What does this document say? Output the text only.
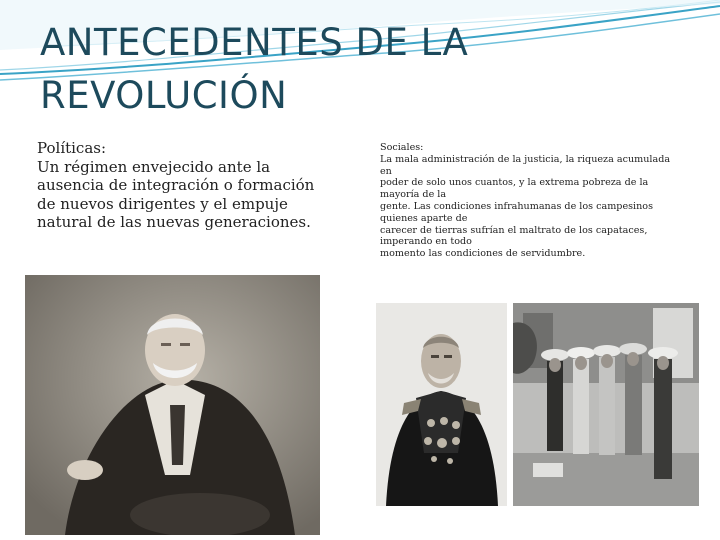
ANTECEDENTES DE LA
REVOLUCIÓN

Políticas:

Un régimen envejecido ante la ausencia de integración o formación de nuevos dirigentes y el empuje natural de las nuevas generaciones.

Sociales:

La mala administración de la justicia, la riqueza acumulada

en

poder de solo unos cuantos, y la extrema pobreza de la

mayoría de la

gente. Las condiciones infrahumanas de los campesinos

quienes aparte de

carecer de tierras sufrían el maltrato de los capataces,

imperando en todo

momento las condiciones de servidumbre.
